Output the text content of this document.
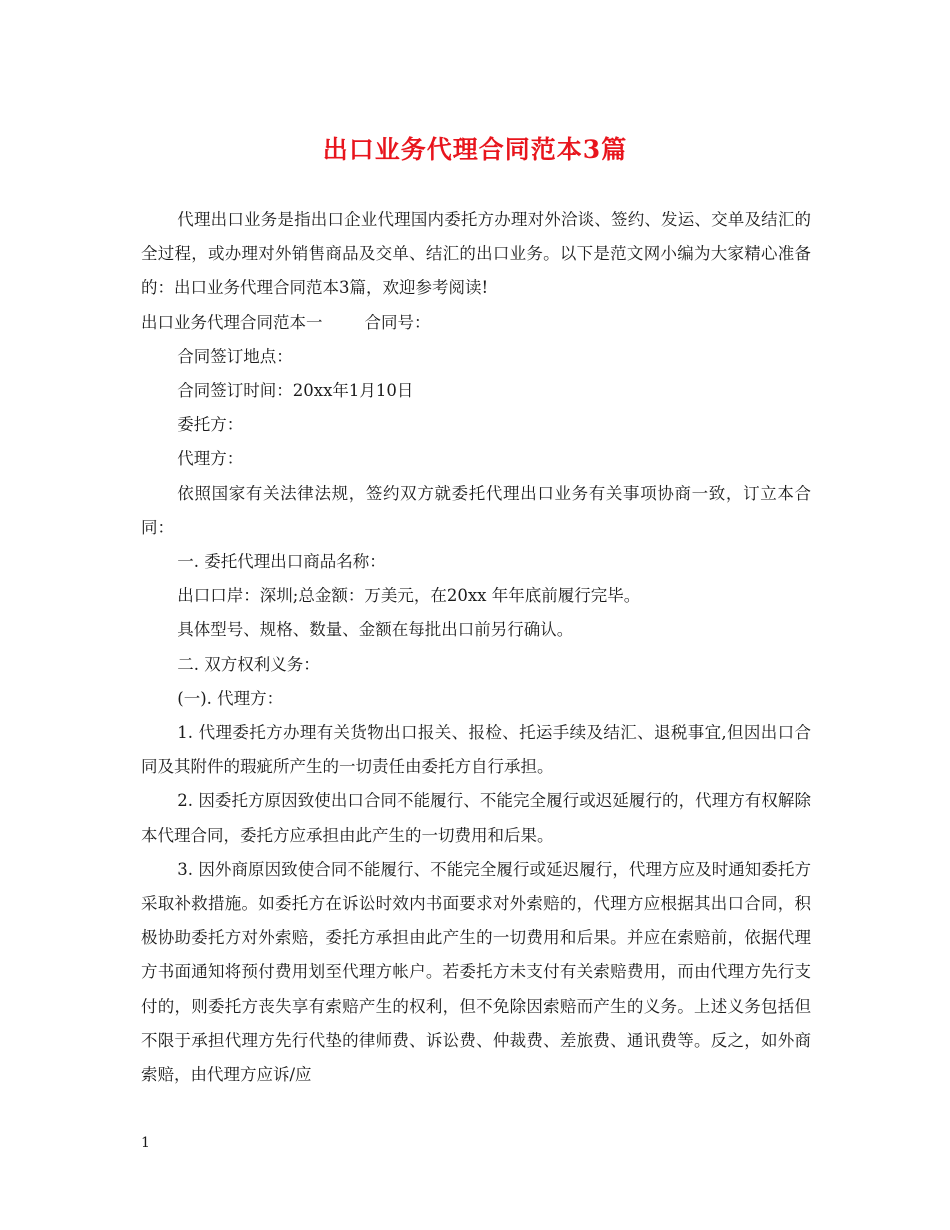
出口业务代理合同范本3篇

代理出口业务是指出口企业代理国内委托方办理对外洽谈、签约、发运、交单及结汇的全过程，或办理对外销售商品及交单、结汇的出口业务。以下是范文网小编为大家精心准备的：出口业务代理合同范本3篇，欢迎参考阅读!

出口业务代理合同范本一	合同号：

合同签订地点：

合同签订时间：20xx年1月10日

委托方：

代理方：

依照国家有关法律法规，签约双方就委托代理出口业务有关事项协商一致，订立本合同：

一. 委托代理出口商品名称：

出口口岸：深圳;总金额：万美元，在20xx 年年底前履行完毕。

具体型号、规格、数量、金额在每批出口前另行确认。

二. 双方权利义务：

(一). 代理方：

1. 代理委托方办理有关货物出口报关、报检、托运手续及结汇、退税事宜,但因出口合同及其附件的瑕疵所产生的一切责任由委托方自行承担。

2. 因委托方原因致使出口合同不能履行、不能完全履行或迟延履行的，代理方有权解除本代理合同，委托方应承担由此产生的一切费用和后果。

3. 因外商原因致使合同不能履行、不能完全履行或延迟履行，代理方应及时通知委托方采取补救措施。如委托方在诉讼时效内书面要求对外索赔的，代理方应根据其出口合同，积极协助委托方对外索赔，委托方承担由此产生的一切费用和后果。并应在索赔前，依据代理方书面通知将预付费用划至代理方帐户。若委托方未支付有关索赔费用，而由代理方先行支付的，则委托方丧失享有索赔产生的权利，但不免除因索赔而产生的义务。上述义务包括但不限于承担代理方先行代垫的律师费、诉讼费、仲裁费、差旅费、通讯费等。反之，如外商索赔，由代理方应诉/应

1
